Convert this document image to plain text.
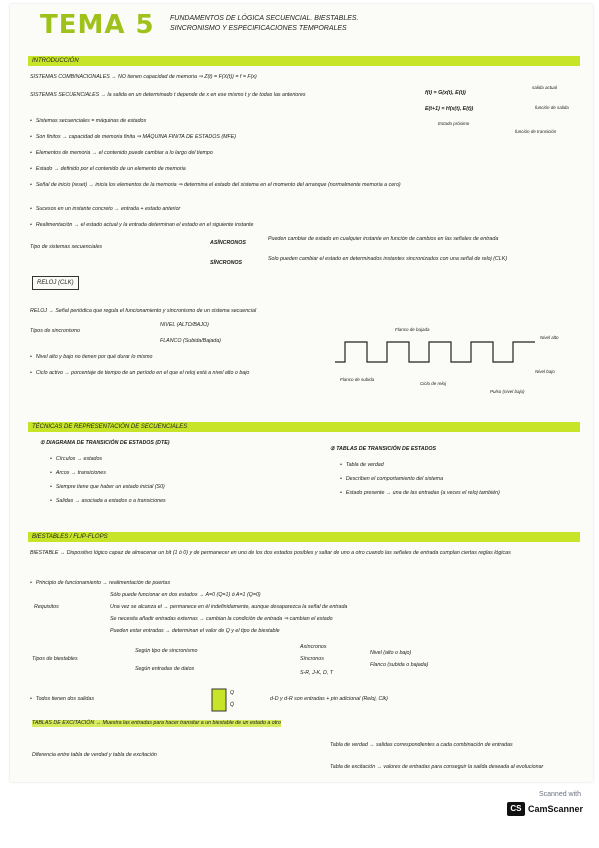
TEMA 5 FUNDAMENTOS DE LÓGICA SECUENCIAL. BIESTABLES.
SINCRONISMO Y ESPECIFICACIONES TEMPORALES
INTRODUCCIÓN
SISTEMAS COMBINACIONALES → NO tienen capacidad de memoria ⇒ Z(t) = F(X(t)) = f = F(x)
SISTEMAS SECUENCIALES → la salida en un determinado t depende de x en ese mismo t y de todas las anteriores	f(t) = G(x(t), E(t))
E(t+1) = H(x(t), E(t))
salida actual
función de salida
Estado próximo
función de transición
• Sistemas secuenciales = máquinas de estados
• Son finitos → capacidad de memoria finita ⇒ MÁQUINA FINITA DE ESTADOS (MFE)
• Elementos de memoria → el contenido puede cambiar a lo largo del tiempo
• Estado → definido por el contenido de un elemento de memoria
• Señal de inicio (reset) → inicia los elementos de la memoria ⇒ determina el estado del sistema en el momento del arranque (normalmente memoria a cero)
• Sucesos en un instante concreto → entrada + estado anterior
• Realimentación → el estado actual y la entrada determinan el estado en el siguiente instante
Tipo de sistemas secuenciales
ASÍNCRONOS
Pueden cambiar de estado en cualquier instante en función de cambios en las señales de entrada
SÍNCRONOS
Solo pueden cambiar el estado en determinados instantes sincronizados con una señal de reloj (CLK)
RELOJ (CLK)
RELOJ → Señal periódica que regula el funcionamiento y sincronismo de un sistema secuencial
Tipos de sincronismo
NIVEL (ALTO/BAJO)
FLANCO (Subida/Bajada)
• Nivel alto y bajo no tienen por qué durar lo mismo
• Ciclo activo → porcentaje de tiempo de un período en el que el reloj está a nivel alto o bajo
Flanco de bajada
Nivel alto
Flanco de subida
Ciclo de reloj
Pulso (nivel bajo)
Nivel bajo
TÉCNICAS DE REPRESENTACIÓN DE SECUENCIALES
① DIAGRAMA DE TRANSICIÓN DE ESTADOS (DTE)
• Círculos → estados
• Arcos → transiciones
• Siempre tiene que haber un estado inicial (S0)
• Salidas → asociada a estados o a transiciones
② TABLAS DE TRANSICIÓN DE ESTADOS
• Tabla de verdad
• Describen el comportamiento del sistema
• Estado presente → una de las entradas (a veces el reloj también)
BIESTABLES / FLIP-FLOPS
BIESTABLE → Dispositivo lógico capaz de almacenar un bit (1 ó 0) y de permanecer en uno de los dos estados posibles y saltar de uno a otro cuando las señales de entrada cumplan ciertas reglas lógicas
• Principio de funcionamiento → realimentación de puertas
Requisitos
Sólo puede funcionar en dos estados → A=0 (Q=1) ó A=1 (Q=0)
Una vez se alcanza el → permanece en él indefinidamente, aunque desaparezca la señal de entrada
Se necesita añadir entradas externas → cambian la condición de entrada ⇒ cambian el estado
Pueden estar entradas → determinan el valor de Q y el tipo de biestable
Tipos de biestables
Según tipo de sincronismo
Según entradas de datos
Asíncronos
Síncronos
Nivel (alto o bajo)
Flanco (subida o bajada)
S-R, J-K, D, T
• Todos tienen dos salidas
Q
Q̄
d-D y d-R son entradas + pin adicional (Reloj, Clk)
TABLAS DE EXCITACIÓN → Muestra las entradas para hacer transitar a un biestable de un estado a otro
Diferencia entre tabla de verdad y tabla de excitación
Tabla de verdad → salidas correspondientes a cada combinación de entradas
Tabla de excitación → valores de entradas para conseguir la salida deseada al evolucionar
Scanned with
CS CamScanner
